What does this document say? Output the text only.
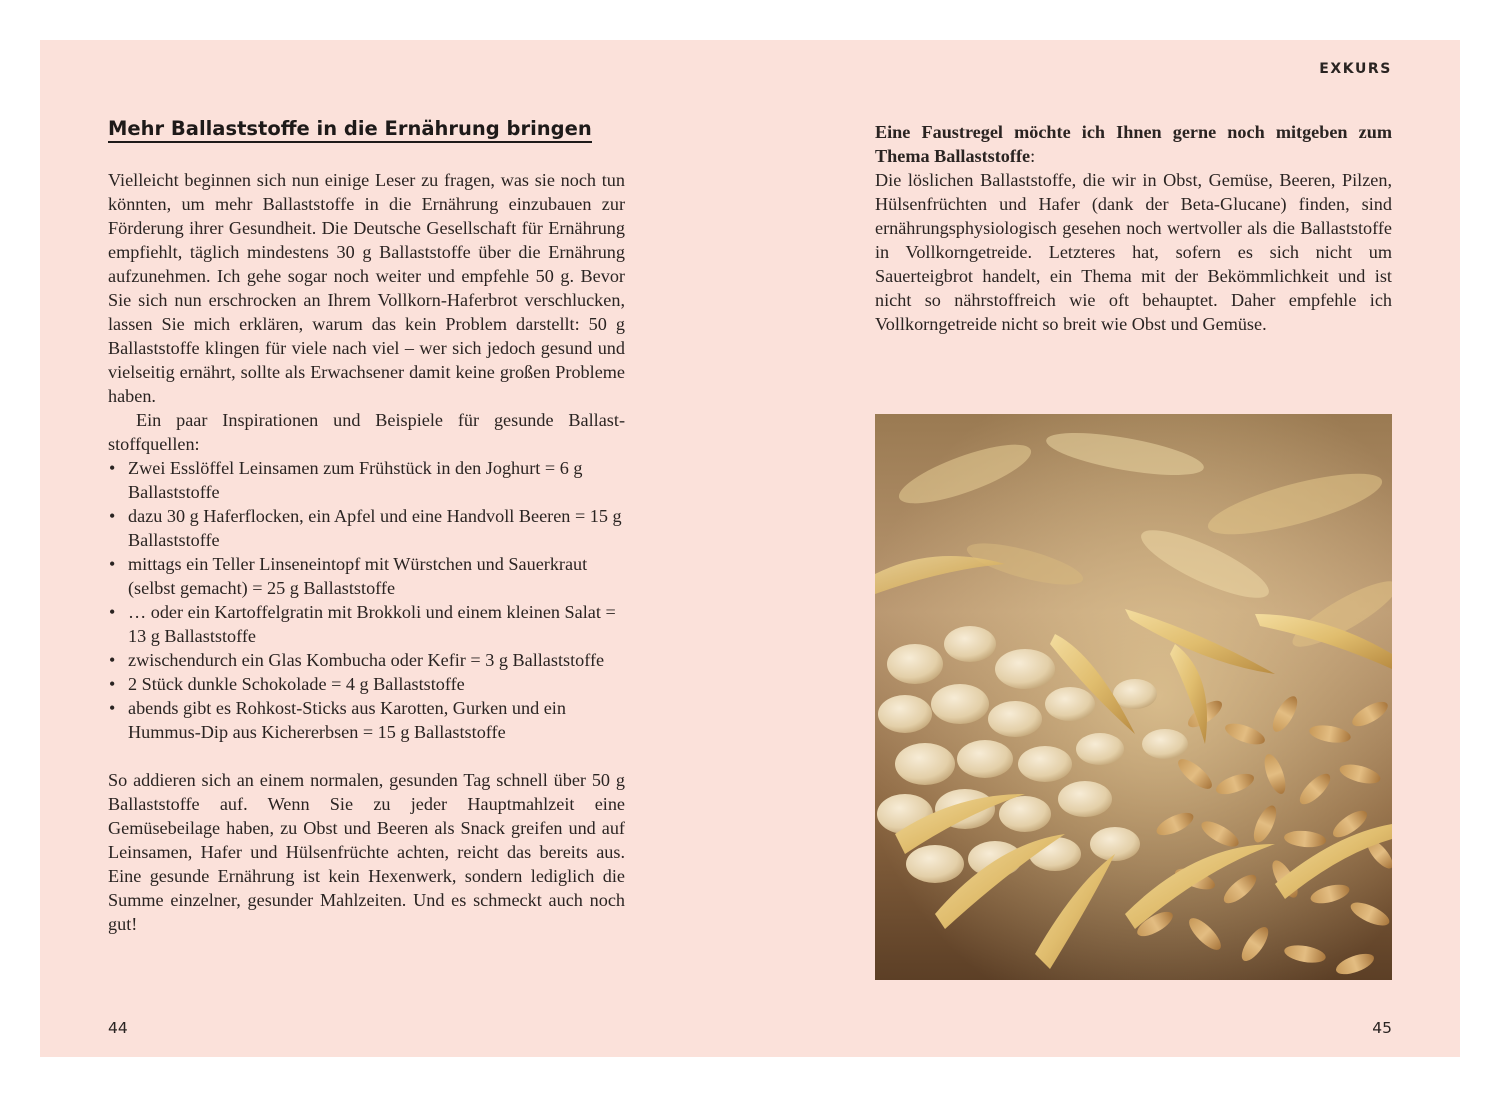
EXKURS
Mehr Ballaststoffe in die Ernährung bringen

Vielleicht beginnen sich nun einige Leser zu fragen, was sie noch tun könnten, um mehr Ballaststoffe in die Ernährung einzubauen zur Förderung ihrer Gesundheit. Die Deutsche Gesellschaft für Ernährung empfiehlt, täglich mindestens 30 g Ballaststoffe über die Ernährung aufzunehmen. Ich gehe sogar noch weiter und empfehle 50 g. Bevor Sie sich nun erschrocken an Ihrem Vollkorn-Haferbrot verschlucken, lassen Sie mich erklären, warum das kein Problem darstellt: 50 g Ballaststoffe klingen für viele nach viel – wer sich jedoch gesund und vielseitig ernährt, sollte als Erwachsener damit keine großen Probleme haben.

Ein paar Inspirationen und Beispiele für gesunde Ballaststoffquellen:

• Zwei Esslöffel Leinsamen zum Frühstück in den Joghurt = 6 g Ballaststoffe
• dazu 30 g Haferflocken, ein Apfel und eine Handvoll Beeren = 15 g Ballaststoffe
• mittags ein Teller Linseneintopf mit Würstchen und Sauerkraut (selbst gemacht) = 25 g Ballaststoffe
• … oder ein Kartoffelgratin mit Brokkoli und einem kleinen Salat = 13 g Ballaststoffe
• zwischendurch ein Glas Kombucha oder Kefir = 3 g Ballaststoffe
• 2 Stück dunkle Schokolade = 4 g Ballaststoffe
• abends gibt es Rohkost-Sticks aus Karotten, Gurken und ein Hummus-Dip aus Kichererbsen = 15 g Ballaststoffe

So addieren sich an einem normalen, gesunden Tag schnell über 50 g Ballaststoffe auf. Wenn Sie zu jeder Hauptmahlzeit eine Gemüsebeilage haben, zu Obst und Beeren als Snack greifen und auf Leinsamen, Hafer und Hülsenfrüchte achten, reicht das bereits aus. Eine gesunde Ernährung ist kein Hexenwerk, sondern lediglich die Summe einzelner, gesunder Mahlzeiten. Und es schmeckt auch noch gut!

Eine Faustregel möchte ich Ihnen gerne noch mitgeben zum Thema Ballaststoffe:

Die löslichen Ballaststoffe, die wir in Obst, Gemüse, Beeren, Pilzen, Hülsenfrüchten und Hafer (dank der Beta-Glucane) finden, sind ernährungsphysiologisch gesehen noch wertvoller als die Ballaststoffe in Vollkorngetreide. Letzteres hat, sofern es sich nicht um Sauerteigbrot handelt, ein Thema mit der Bekömmlichkeit und ist nicht so nährstoffreich wie oft behauptet. Daher empfehle ich Vollkorngetreide nicht so breit wie Obst und Gemüse.

44	45
